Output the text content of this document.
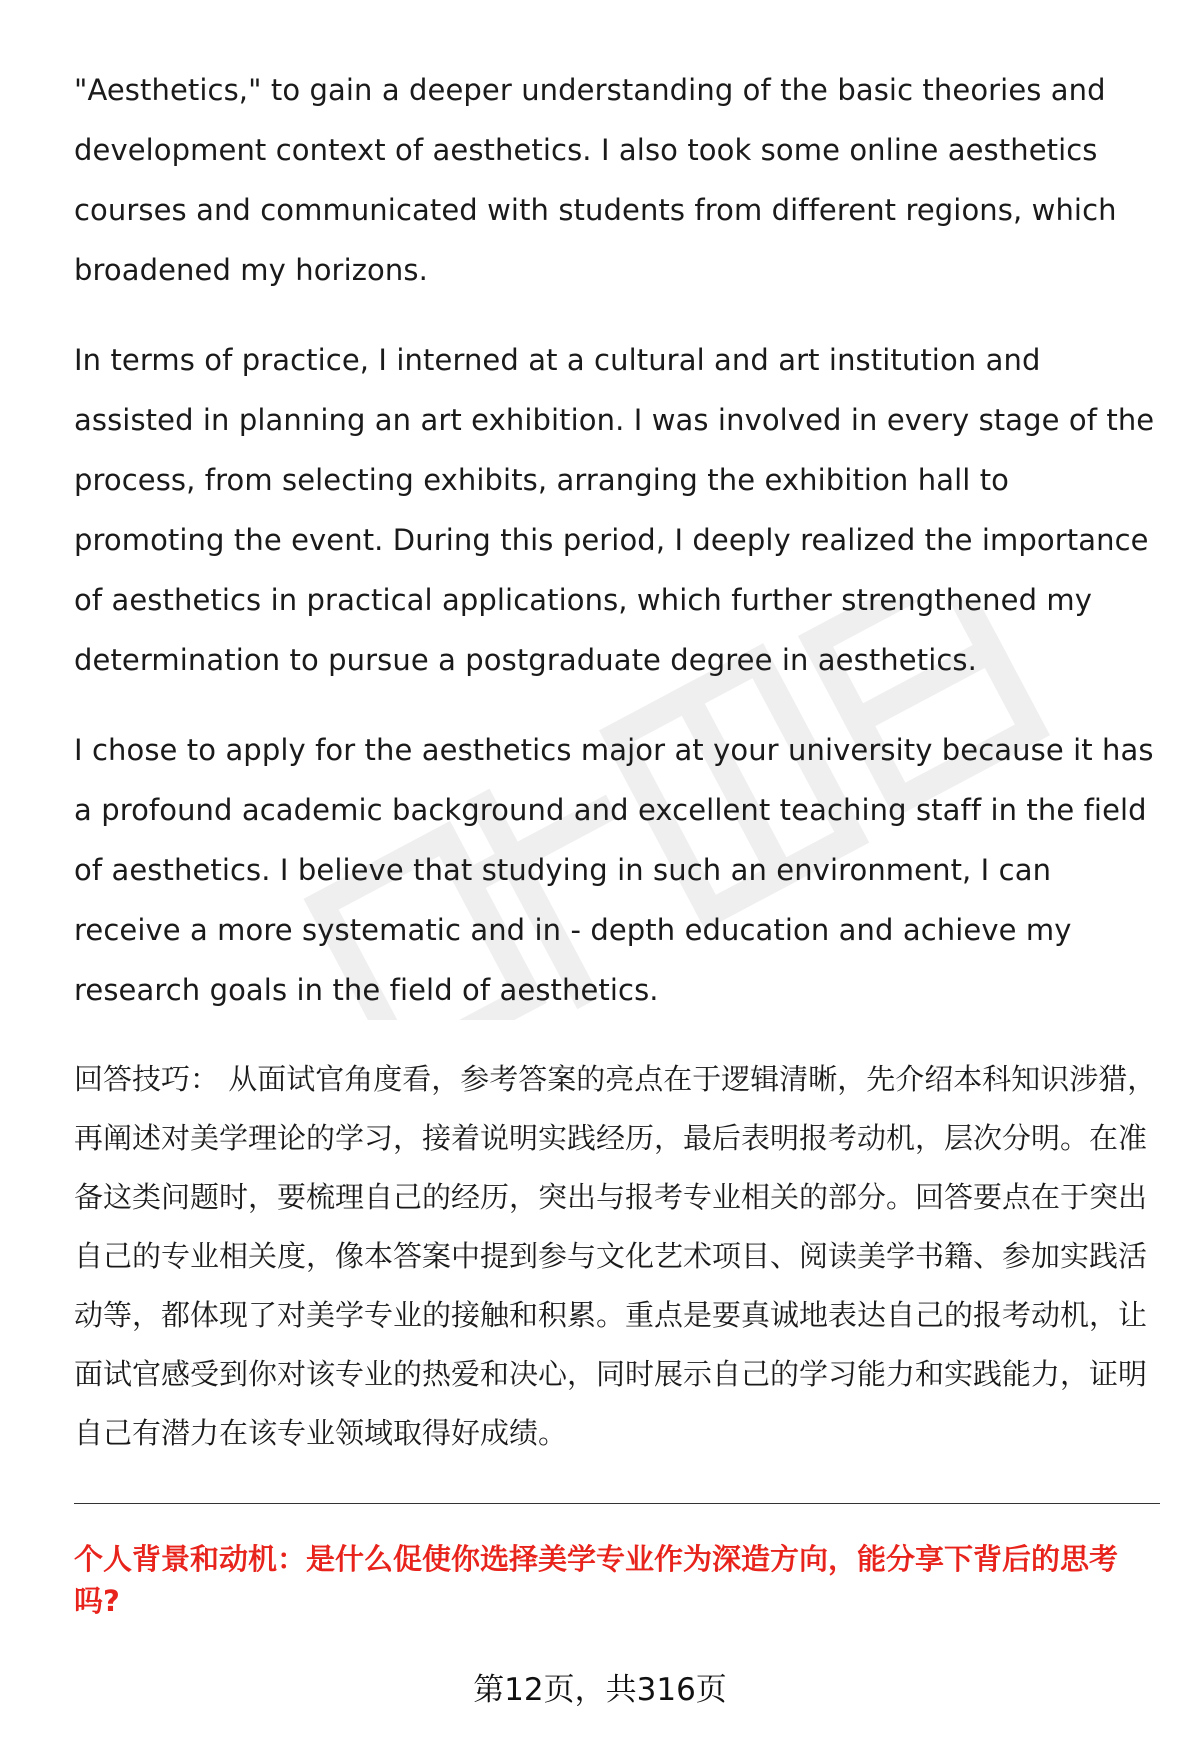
"Aesthetics," to gain a deeper understanding of the basic theories and development context of aesthetics. I also took some online aesthetics courses and communicated with students from different regions, which broadened my horizons.

In terms of practice, I interned at a cultural and art institution and assisted in planning an art exhibition. I was involved in every stage of the process, from selecting exhibits, arranging the exhibition hall to promoting the event. During this period, I deeply realized the importance of aesthetics in practical applications, which further strengthened my determination to pursue a postgraduate degree in aesthetics.

I chose to apply for the aesthetics major at your university because it has a profound academic background and excellent teaching staff in the field of aesthetics. I believe that studying in such an environment, I can receive a more systematic and in - depth education and achieve my research goals in the field of aesthetics.

回答技巧： 从面试官角度看，参考答案的亮点在于逻辑清晰，先介绍本科知识涉猎，再阐述对美学理论的学习，接着说明实践经历，最后表明报考动机，层次分明。在准备这类问题时，要梳理自己的经历，突出与报考专业相关的部分。回答要点在于突出自己的专业相关度，像本答案中提到参与文化艺术项目、阅读美学书籍、参加实践活动等，都体现了对美学专业的接触和积累。重点是要真诚地表达自己的报考动机，让面试官感受到你对该专业的热爱和决心，同时展示自己的学习能力和实践能力，证明自己有潜力在该专业领域取得好成绩。

个人背景和动机：是什么促使你选择美学专业作为深造方向，能分享下背后的思考吗?

第12页，共316页
